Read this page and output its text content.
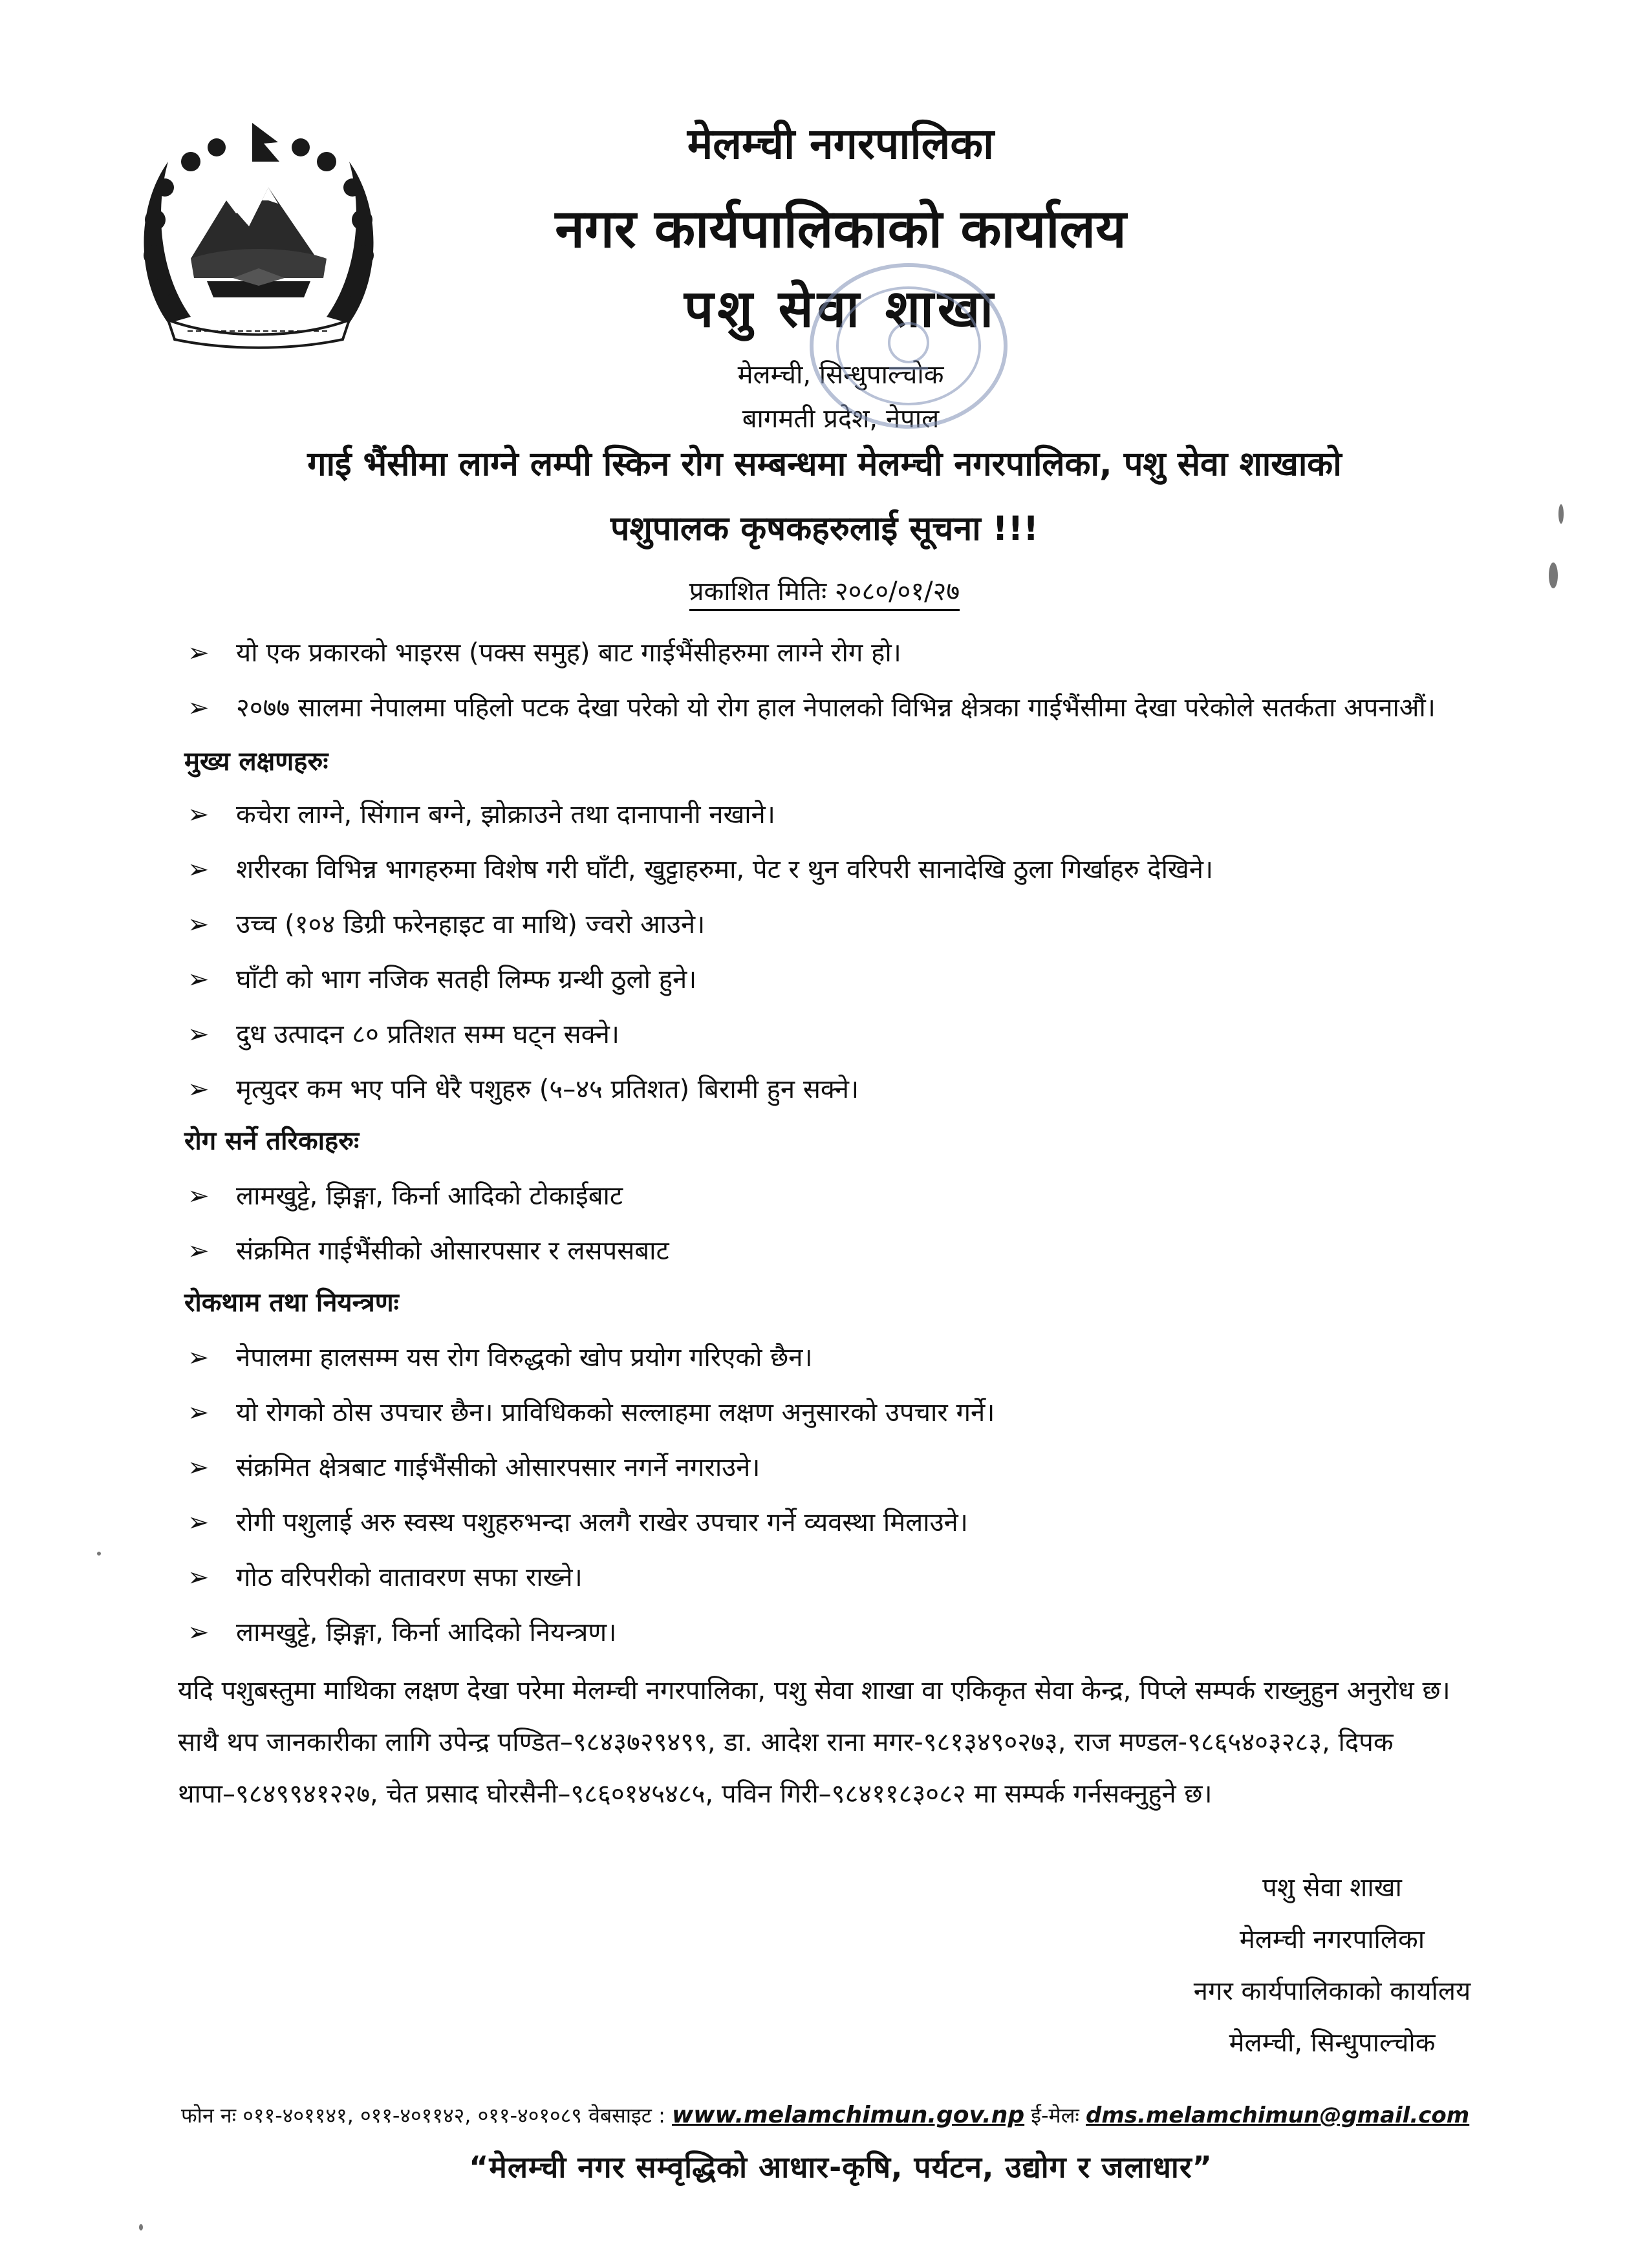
मेलम्ची नगरपालिका
नगर कार्यपालिकाको कार्यालय
पशु सेवा शाखा
मेलम्ची, सिन्धुपाल्चोक
बागमती प्रदेश, नेपाल
गाई भैंसीमा लाग्ने लम्पी स्किन रोग सम्बन्धमा मेलम्ची नगरपालिका, पशु सेवा शाखाको
पशुपालक कृषकहरुलाई सूचना !!!
प्रकाशित मितिः २०८०/०१/२७
➢ यो एक प्रकारको भाइरस (पक्स समुह) बाट गाईभैंसीहरुमा लाग्ने रोग हो।
➢ २०७७ सालमा नेपालमा पहिलो पटक देखा परेको यो रोग हाल नेपालको विभिन्न क्षेत्रका गाईभैंसीमा देखा परेकोले सतर्कता अपनाऔं।
मुख्य लक्षणहरुः
➢ कचेरा लाग्ने, सिंगान बग्ने, झोक्राउने तथा दानापानी नखाने।
➢ शरीरका विभिन्न भागहरुमा विशेष गरी घाँटी, खुट्टाहरुमा, पेट र थुन वरिपरी सानादेखि ठुला गिर्खाहरु देखिने।
➢ उच्च (१०४ डिग्री फरेनहाइट वा माथि) ज्वरो आउने।
➢ घाँटी को भाग नजिक सतही लिम्फ ग्रन्थी ठुलो हुने।
➢ दुध उत्पादन ८० प्रतिशत सम्म घट्न सक्ने।
➢ मृत्युदर कम भए पनि धेरै पशुहरु (५–४५ प्रतिशत) बिरामी हुन सक्ने।
रोग सर्ने तरिकाहरुः
➢ लामखुट्टे, झिङ्गा, किर्ना आदिको टोकाईबाट
➢ संक्रमित गाईभैंसीको ओसारपसार र लसपसबाट
रोकथाम तथा नियन्त्रणः
➢ नेपालमा हालसम्म यस रोग विरुद्धको खोप प्रयोग गरिएको छैन।
➢ यो रोगको ठोस उपचार छैन। प्राविधिकको सल्लाहमा लक्षण अनुसारको उपचार गर्ने।
➢ संक्रमित क्षेत्रबाट गाईभैंसीको ओसारपसार नगर्ने नगराउने।
➢ रोगी पशुलाई अरु स्वस्थ पशुहरुभन्दा अलगै राखेर उपचार गर्ने व्यवस्था मिलाउने।
➢ गोठ वरिपरीको वातावरण सफा राख्ने।
➢ लामखुट्टे, झिङ्गा, किर्ना आदिको नियन्त्रण।
यदि पशुबस्तुमा माथिका लक्षण देखा परेमा मेलम्ची नगरपालिका, पशु सेवा शाखा वा एकिकृत सेवा केन्द्र, पिप्ले सम्पर्क राख्नुहुन अनुरोध छ।
साथै थप जानकारीका लागि उपेन्द्र पण्डित–९८४३७२९४९९, डा. आदेश राना मगर-९८१३४९०२७३, राज मण्डल-९८६५४०३२८३, दिपक
थापा–९८४९९४१२२७, चेत प्रसाद घोरसैनी–९८६०१४५४८५, पविन गिरी–९८४११८३०८२ मा सम्पर्क गर्नसक्नुहुने छ।
पशु सेवा शाखा
मेलम्ची नगरपालिका
नगर कार्यपालिकाको कार्यालय
मेलम्ची, सिन्धुपाल्चोक
फोन नः ०११-४०११४१, ०११-४०११४२, ०११-४०१०८९ वेबसाइट : www.melamchimun.gov.np ई-मेलः dms.melamchimun@gmail.com
“मेलम्ची नगर सम्वृद्धिको आधार-कृषि, पर्यटन, उद्योग र जलाधार”
